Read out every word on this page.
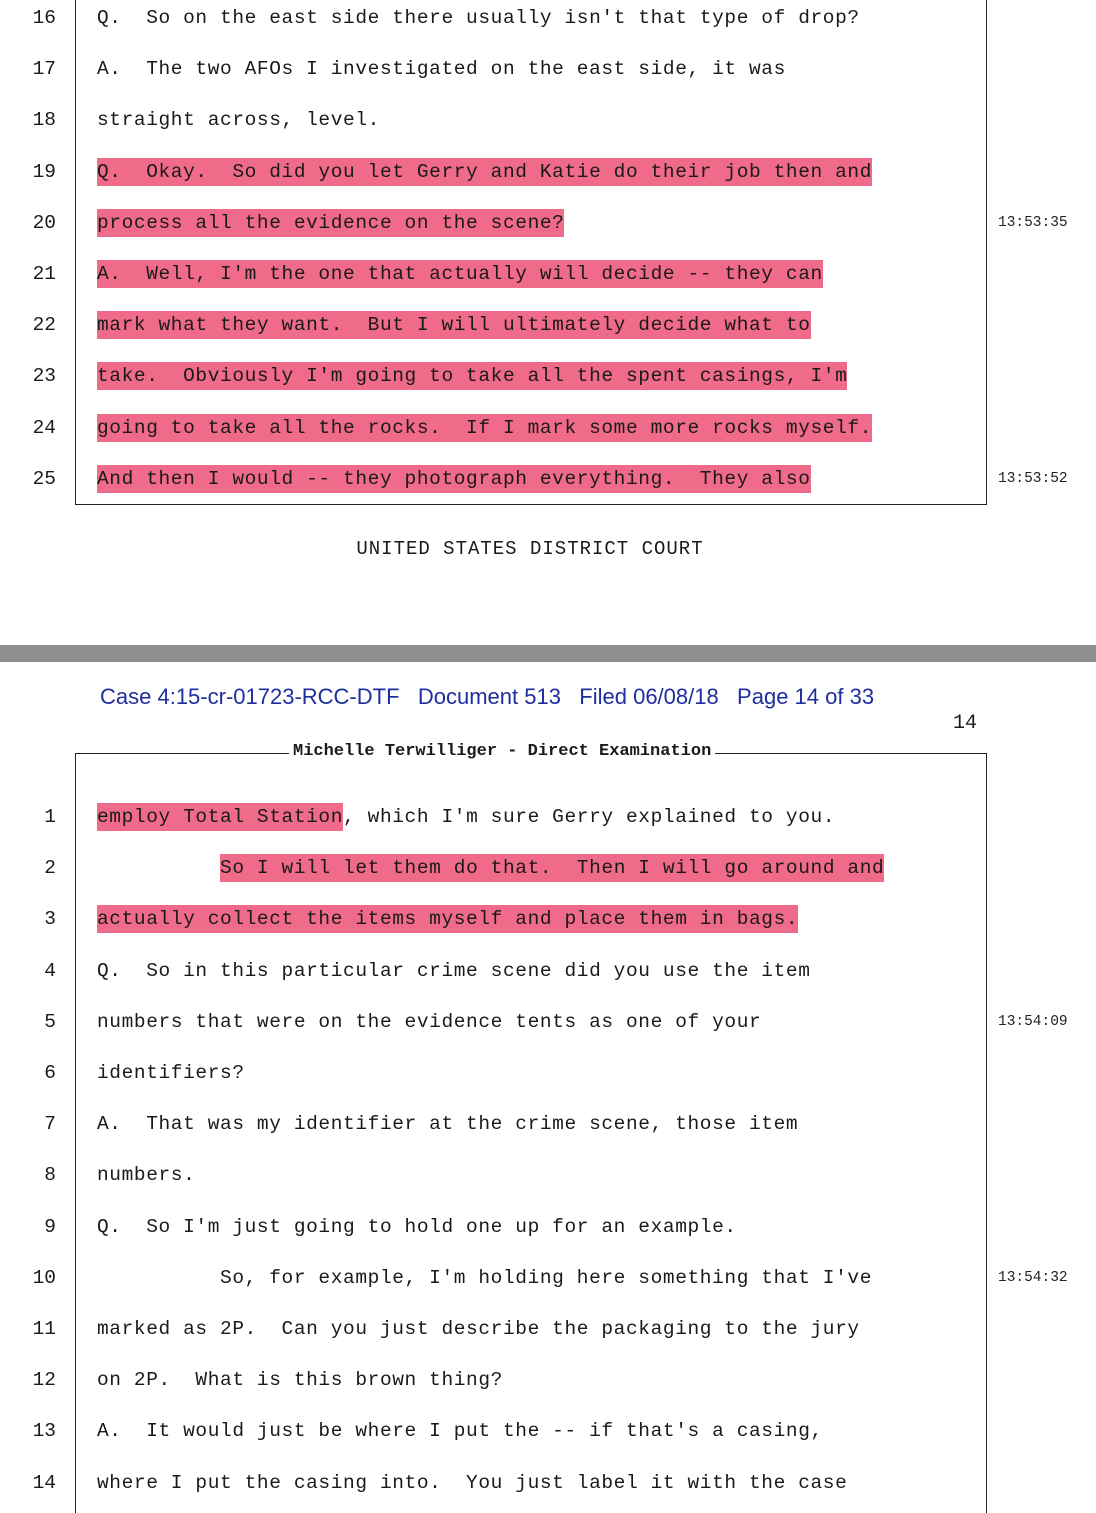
16 Q.  So on the east side there usually isn't that type of drop?
17 A.  The two AFOs I investigated on the east side, it was
18 straight across, level.
19 Q.  Okay.  So did you let Gerry and Katie do their job then and
20 process all the evidence on the scene?	13:53:35
21 A.  Well, I'm the one that actually will decide -- they can
22 mark what they want.  But I will ultimately decide what to
23 take.  Obviously I'm going to take all the spent casings, I'm
24 going to take all the rocks.  If I mark some more rocks myself.
25 And then I would -- they photograph everything.  They also	13:53:52
UNITED STATES DISTRICT COURT
Case 4:15-cr-01723-RCC-DTF   Document 513   Filed 06/08/18   Page 14 of 33
14
Michelle Terwilliger - Direct Examination
1 employ Total Station, which I'm sure Gerry explained to you.
2	So I will let them do that.  Then I will go around and
3 actually collect the items myself and place them in bags.
4 Q.  So in this particular crime scene did you use the item
5 numbers that were on the evidence tents as one of your	13:54:09
6 identifiers?
7 A.  That was my identifier at the crime scene, those item
8 numbers.
9 Q.  So I'm just going to hold one up for an example.
10 So, for example, I'm holding here something that I've	13:54:32
11 marked as 2P.  Can you just describe the packaging to the jury
12 on 2P.  What is this brown thing?
13 A.  It would just be where I put the -- if that's a casing,
14 where I put the casing into.  You just label it with the case
